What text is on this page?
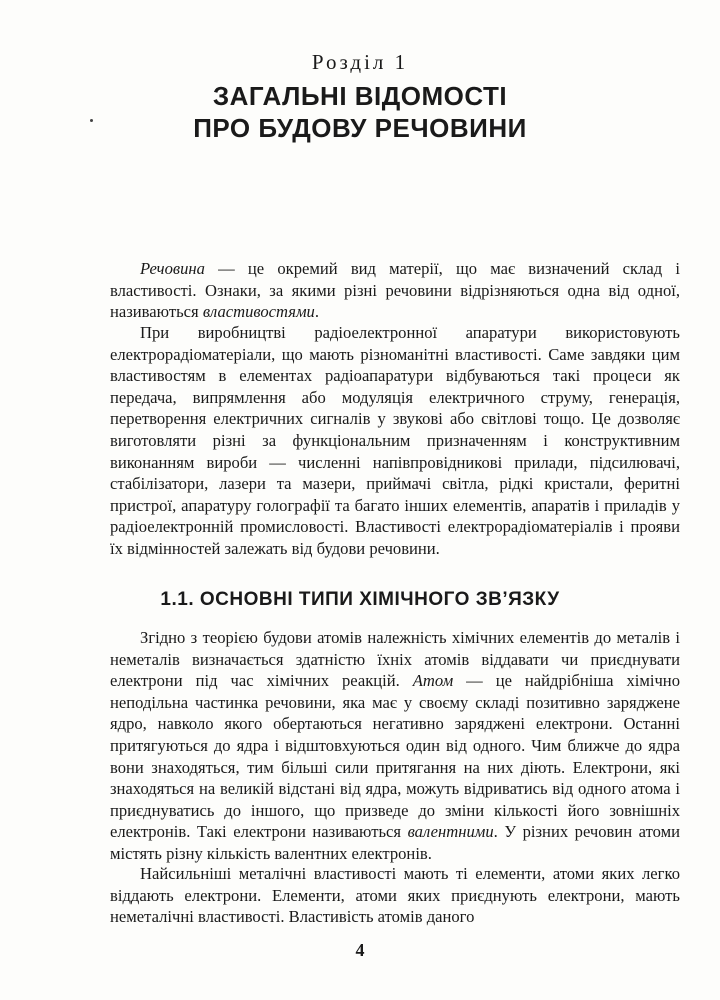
Розділ 1
ЗАГАЛЬНІ ВІДОМОСТІ
ПРО БУДОВУ РЕЧОВИНИ

Речовина — це окремий вид матерії, що має визначений склад і властивості. Ознаки, за якими різні речовини відрізняються одна від одної, називаються властивостями.

При виробництві радіоелектронної апаратури використовують електрорадіоматеріали, що мають різноманітні властивості. Саме завдяки цим властивостям в елементах радіоапаратури відбуваються такі процеси як передача, випрямлення або модуляція електричного струму, генерація, перетворення електричних сигналів у звукові або світлові тощо. Це дозволяє виготовляти різні за функціональним призначенням і конструктивним виконанням вироби — численні напівпровідникові прилади, підсилювачі, стабілізатори, лазери та мазери, приймачі світла, рідкі кристали, феритні пристрої, апаратуру голографії та багато інших елементів, апаратів і приладів у радіоелектронній промисловості. Властивості електрорадіоматеріалів і прояви їх відмінностей залежать від будови речовини.

1.1. ОСНОВНІ ТИПИ ХІМІЧНОГО ЗВ’ЯЗКУ

Згідно з теорією будови атомів належність хімічних елементів до металів і неметалів визначається здатністю їхніх атомів віддавати чи приєднувати електрони під час хімічних реакцій. Атом — це найдрібніша хімічно неподільна частинка речовини, яка має у своєму складі позитивно заряджене ядро, навколо якого обертаються негативно заряджені електрони. Останні притягуються до ядра і відштовхуються один від одного. Чим ближче до ядра вони знаходяться, тим більші сили притягання на них діють. Електрони, які знаходяться на великій відстані від ядра, можуть відриватись від одного атома і приєднуватись до іншого, що призведе до зміни кількості його зовнішніх електронів. Такі електрони називаються валентними. У різних речовин атоми містять різну кількість валентних електронів.

Найсильніші металічні властивості мають ті елементи, атоми яких легко віддають електрони. Елементи, атоми яких приєднують електрони, мають неметалічні властивості. Властивість атомів даного

4
